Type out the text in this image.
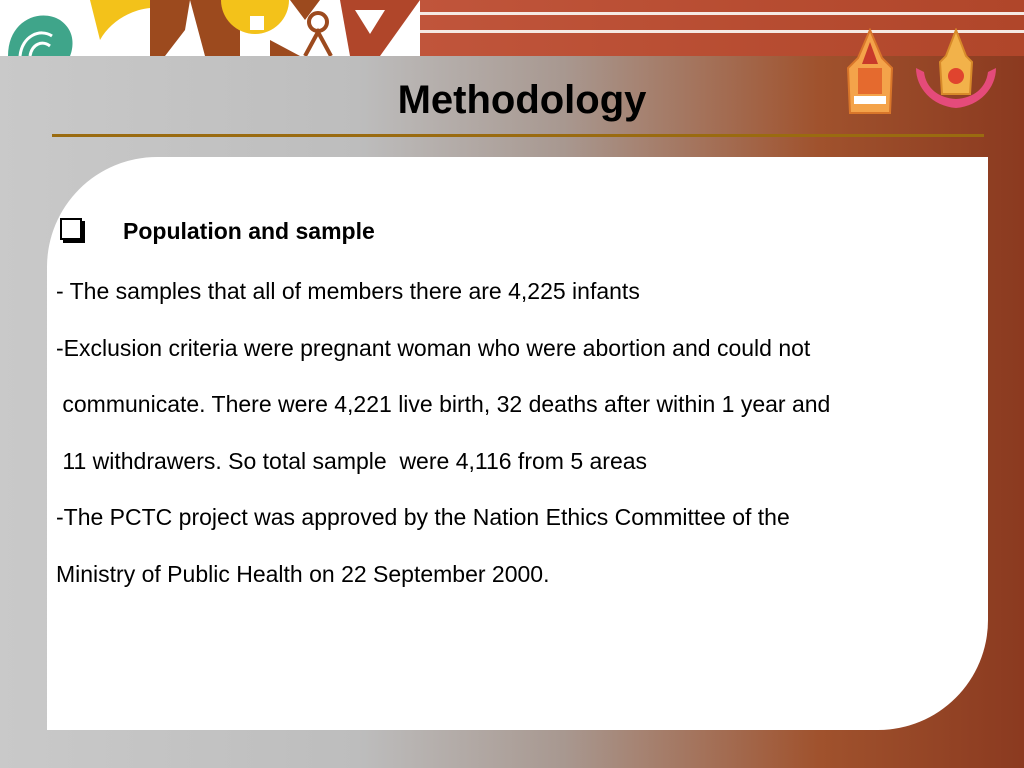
Methodology
Population and sample
- The samples that all of members there are 4,225 infants
-Exclusion criteria were pregnant woman who were abortion and could not
communicate. There were 4,221 live birth, 32 deaths after within 1 year and
11 withdrawers. So total sample  were 4,116 from 5 areas
-The PCTC project was approved by the Nation Ethics Committee of the
Ministry of Public Health on 22 September 2000.
